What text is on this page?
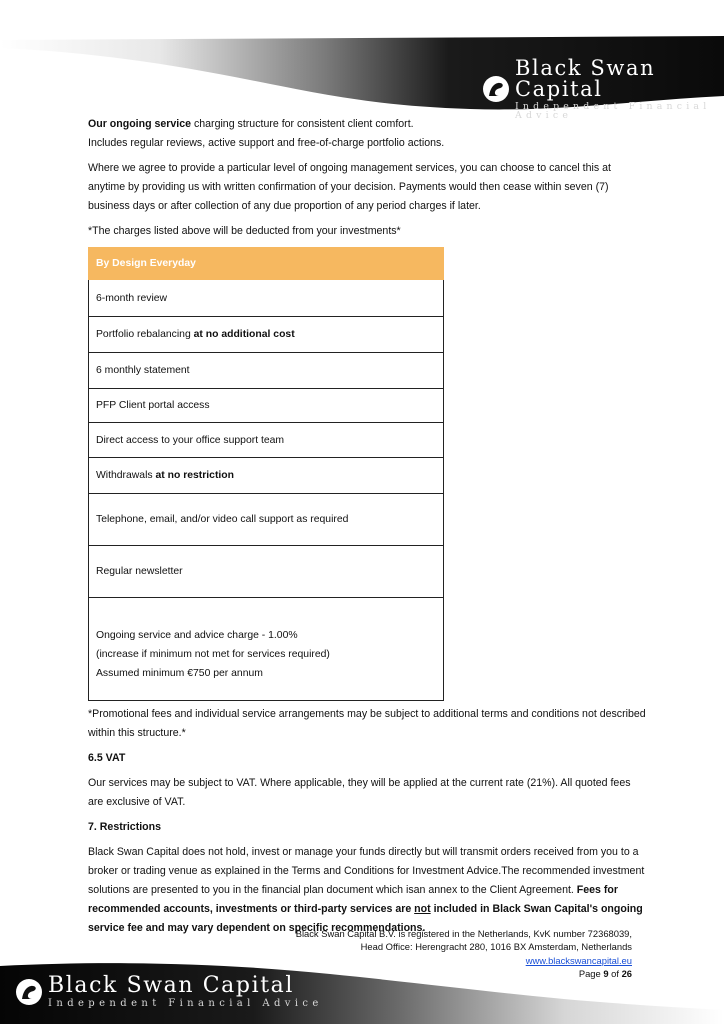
Black Swan Capital
Independent Financial Advice

Our ongoing service charging structure for consistent client comfort.

Includes regular reviews, active support and free-of-charge portfolio actions.

Where we agree to provide a particular level of ongoing management services, you can choose to cancel this at anytime by providing us with written confirmation of your decision. Payments would then cease within seven (7) business days or after collection of any due proportion of any period charges if later.

*The charges listed above will be deducted from your investments*

By Design Everyday
6-month review
Portfolio rebalancing at no additional cost
6 monthly statement
PFP Client portal access
Direct access to your office support team
Withdrawals at no restriction
Telephone, email, and/or video call support as required
Regular newsletter

Ongoing service and advice charge - 1.00%
(increase if minimum not met for services required)
Assumed minimum €750 per annum

*Promotional fees and individual service arrangements may be subject to additional terms and conditions not described within this structure.*

6.5 VAT

Our services may be subject to VAT. Where applicable, they will be applied at the current rate (21%). All quoted fees are exclusive of VAT.

7. Restrictions

Black Swan Capital does not hold, invest or manage your funds directly but will transmit orders received from you to a broker or trading venue as explained in the Terms and Conditions for Investment Advice.The recommended investment solutions are presented to you in the financial plan document which isan annex to the Client Agreement. Fees for recommended accounts, investments or third-party services are not included in Black Swan Capital's ongoing service fee and may vary dependent on specific recommendations.

Black Swan Capital B.V. is registered in the Netherlands, KvK number 72368039,
Head Office: Herengracht 280, 1016 BX Amsterdam, Netherlands
www.blackswancapital.eu
Page 9 of 26
Black Swan Capital
Independent Financial Advice
